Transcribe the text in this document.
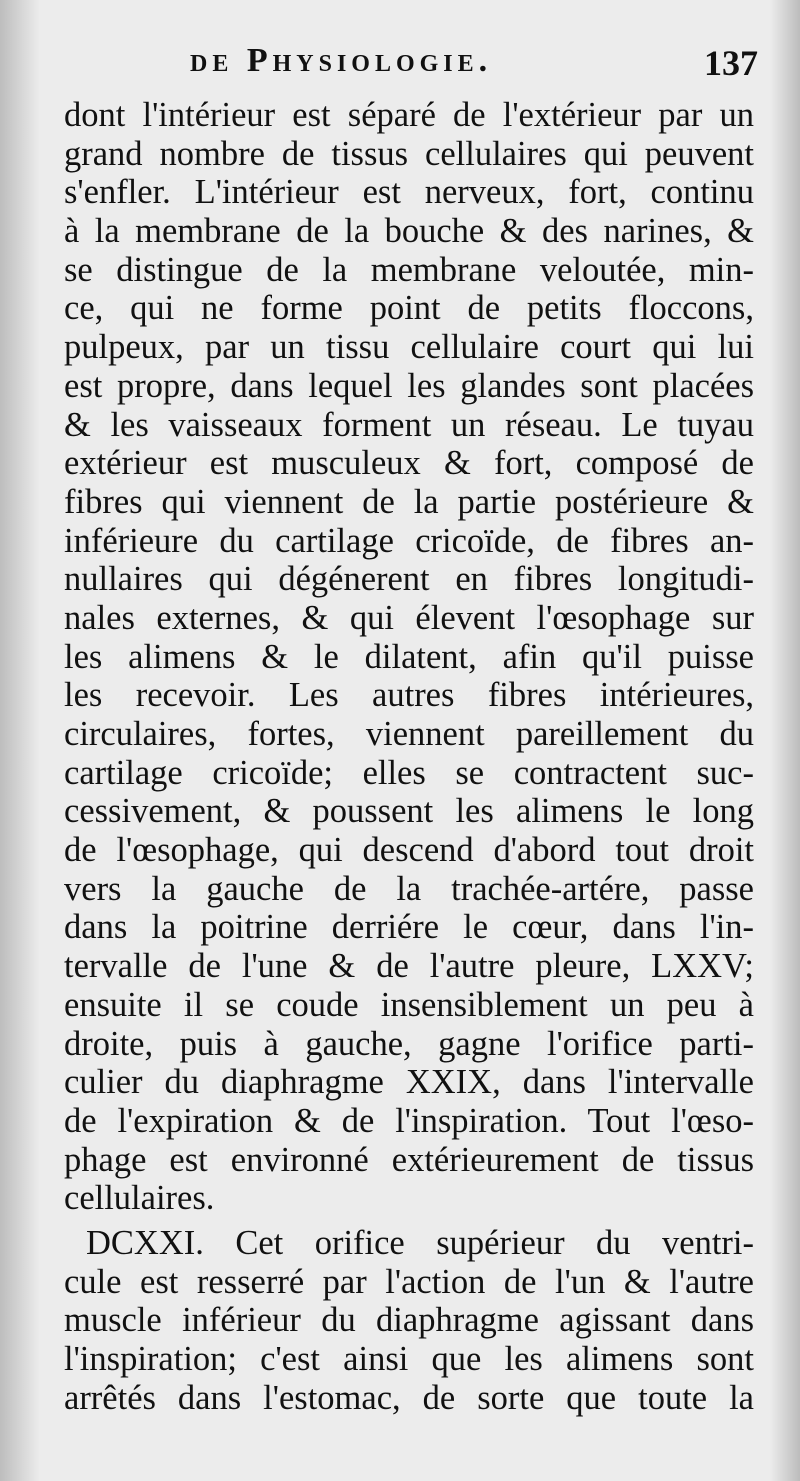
de Physiologie.	137
dont l'intérieur est séparé de l'extérieur par un
grand nombre de tissus cellulaires qui peuvent
s'enfler. L'intérieur est nerveux, fort, continu
à la membrane de la bouche & des narines, &
se distingue de la membrane veloutée, min-
ce, qui ne forme point de petits floccons,
pulpeux, par un tissu cellulaire court qui lui
est propre, dans lequel les glandes sont placées
& les vaisseaux forment un réseau. Le tuyau
extérieur est musculeux & fort, composé de
fibres qui viennent de la partie postérieure &
inférieure du cartilage cricoïde, de fibres an-
nullaires qui dégénerent en fibres longitudi-
nales externes, & qui élevent l'œsophage sur
les alimens & le dilatent, afin qu'il puisse
les recevoir. Les autres fibres intérieures,
circulaires, fortes, viennent pareillement du
cartilage cricoïde; elles se contractent suc-
cessivement, & poussent les alimens le long
de l'œsophage, qui descend d'abord tout droit
vers la gauche de la trachée-artére, passe
dans la poitrine derriére le cœur, dans l'in-
tervalle de l'une & de l'autre pleure, LXXV;
ensuite il se coude insensiblement un peu à
droite, puis à gauche, gagne l'orifice parti-
culier du diaphragme XXIX, dans l'intervalle
de l'expiration & de l'inspiration. Tout l'œso-
phage est environné extérieurement de tissus
cellulaires.
DCXXI. Cet orifice supérieur du ventri-
cule est resserré par l'action de l'un & l'autre
muscle inférieur du diaphragme agissant dans
l'inspiration; c'est ainsi que les alimens sont
arrêtés dans l'estomac, de sorte que toute la
